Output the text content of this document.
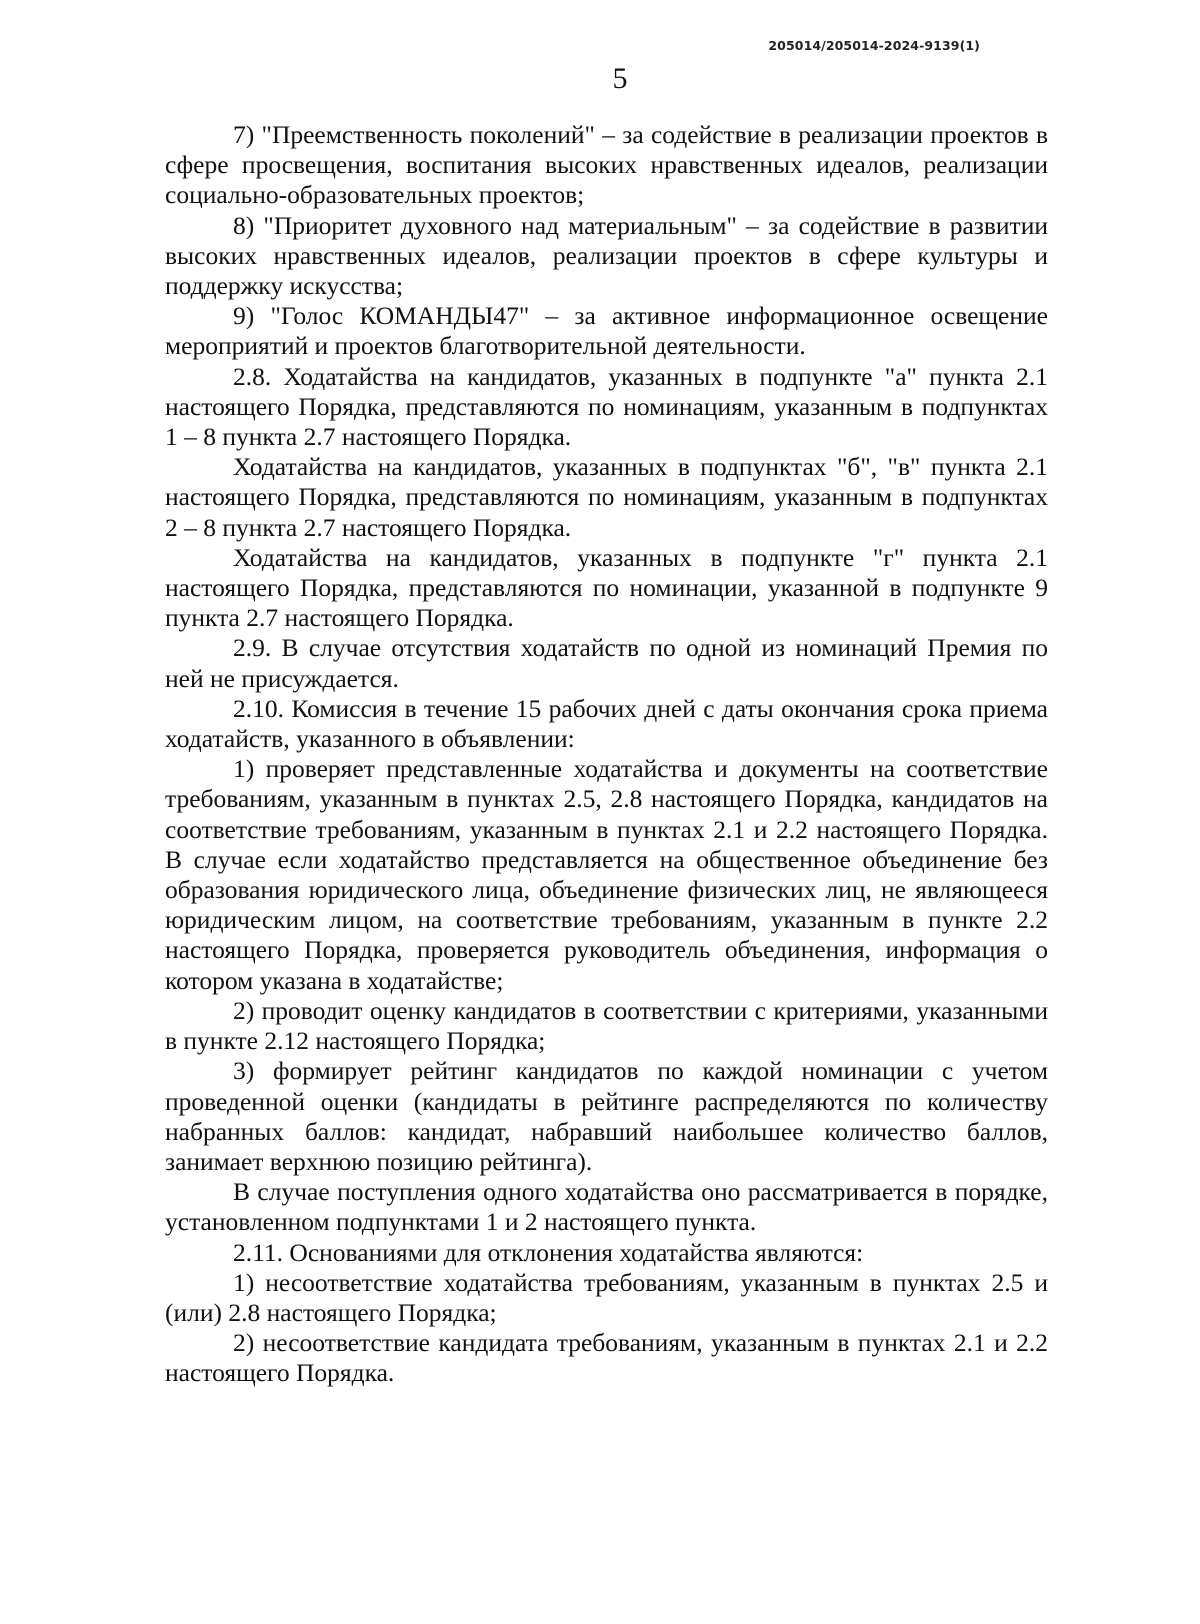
205014/205014-2024-9139(1)
5

7) "Преемственность поколений" – за содействие в реализации проектов в сфере просвещения, воспитания высоких нравственных идеалов, реализации социально-образовательных проектов;

8) "Приоритет духовного над материальным" – за содействие в развитии высоких нравственных идеалов, реализации проектов в сфере культуры и поддержку искусства;

9) "Голос КОМАНДЫ47" – за активное информационное освещение мероприятий и проектов благотворительной деятельности.

2.8. Ходатайства на кандидатов, указанных в подпункте "а" пункта 2.1 настоящего Порядка, представляются по номинациям, указанным в подпунктах 1 – 8 пункта 2.7 настоящего Порядка.

Ходатайства на кандидатов, указанных в подпунктах "б", "в" пункта 2.1 настоящего Порядка, представляются по номинациям, указанным в подпунктах 2 – 8 пункта 2.7 настоящего Порядка.

Ходатайства на кандидатов, указанных в подпункте "г" пункта 2.1 настоящего Порядка, представляются по номинации, указанной в подпункте 9 пункта 2.7 настоящего Порядка.

2.9. В случае отсутствия ходатайств по одной из номинаций Премия по ней не присуждается.

2.10. Комиссия в течение 15 рабочих дней с даты окончания срока приема ходатайств, указанного в объявлении:

1) проверяет представленные ходатайства и документы на соответствие требованиям, указанным в пунктах 2.5, 2.8 настоящего Порядка, кандидатов на соответствие требованиям, указанным в пунктах 2.1 и 2.2 настоящего Порядка. В случае если ходатайство представляется на общественное объединение без образования юридического лица, объединение физических лиц, не являющееся юридическим лицом, на соответствие требованиям, указанным в пункте 2.2 настоящего Порядка, проверяется руководитель объединения, информация о котором указана в ходатайстве;

2) проводит оценку кандидатов в соответствии с критериями, указанными в пункте 2.12 настоящего Порядка;

3) формирует рейтинг кандидатов по каждой номинации с учетом проведенной оценки (кандидаты в рейтинге распределяются по количеству набранных баллов: кандидат, набравший наибольшее количество баллов, занимает верхнюю позицию рейтинга).

В случае поступления одного ходатайства оно рассматривается в порядке, установленном подпунктами 1 и 2 настоящего пункта.

2.11. Основаниями для отклонения ходатайства являются:

1) несоответствие ходатайства требованиям, указанным в пунктах 2.5 и (или) 2.8 настоящего Порядка;

2) несоответствие кандидата требованиям, указанным в пунктах 2.1 и 2.2 настоящего Порядка.
